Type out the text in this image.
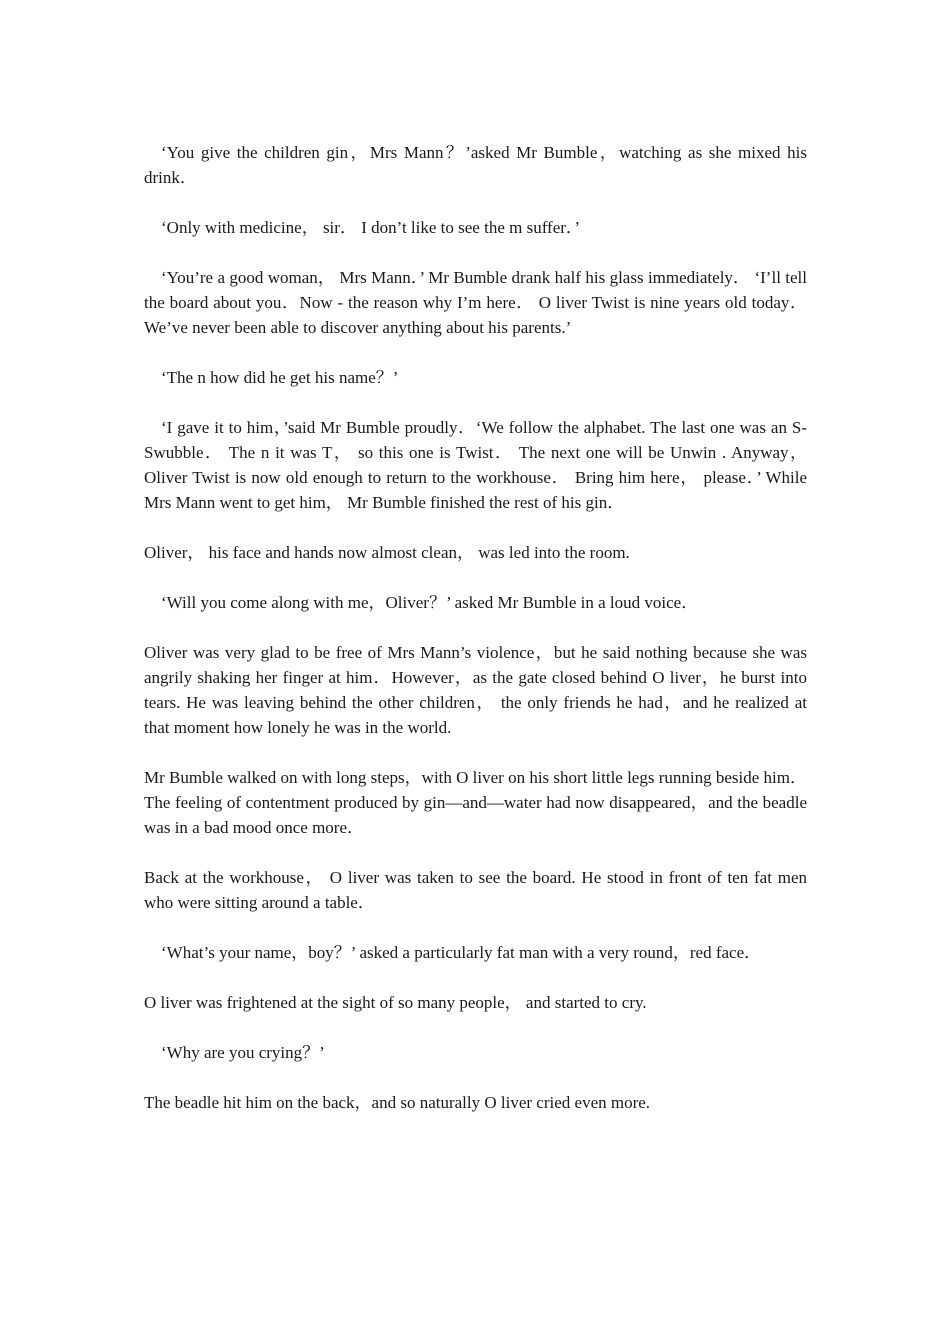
‘You give the children gin，Mrs Mann？’asked Mr Bumble，watching as she mixed his drink．

‘Only with medicine， sir． I don’t like to see the m suffer．’

‘You’re a good woman， Mrs Mann．’ Mr Bumble drank half his glass immediately． ‘I’ll tell the board about you．Now - the reason why I’m here． O liver Twist is nine years old today． We’ve never been able to discover anything about his parents.’

‘The n how did he get his name？’

‘I gave it to him，’said Mr Bumble proudly．‘We follow the alphabet. The last one was an S-Swubble． The n it was T， so this one is Twist． The next one will be Unwin . Anyway，Oliver Twist is now old enough to return to the workhouse． Bring him here， please．’ While Mrs Mann went to get him， Mr Bumble finished the rest of his gin．

Oliver， his face and hands now almost clean， was led into the room.

‘Will you come along with me，Oliver？’ asked Mr Bumble in a loud voice．

Oliver was very glad to be free of Mrs Mann’s violence，but he said nothing because she was angrily shaking her finger at him．However，as the gate closed behind O liver，he burst into tears. He was leaving behind the other children， the only friends he had，and he realized at that moment how lonely he was in the world.

Mr Bumble walked on with long steps，with O liver on his short little legs running beside him．The feeling of contentment produced by gin—and—water had now disappeared，and the beadle was in a bad mood once more．

Back at the workhouse， O liver was taken to see the board. He stood in front of ten fat men who were sitting around a table．

‘What’s your name，boy？’ asked a particularly fat man with a very round，red face．

O liver was frightened at the sight of so many people， and started to cry.

‘Why are you crying？’

The beadle hit him on the back，and so naturally O liver cried even more.
